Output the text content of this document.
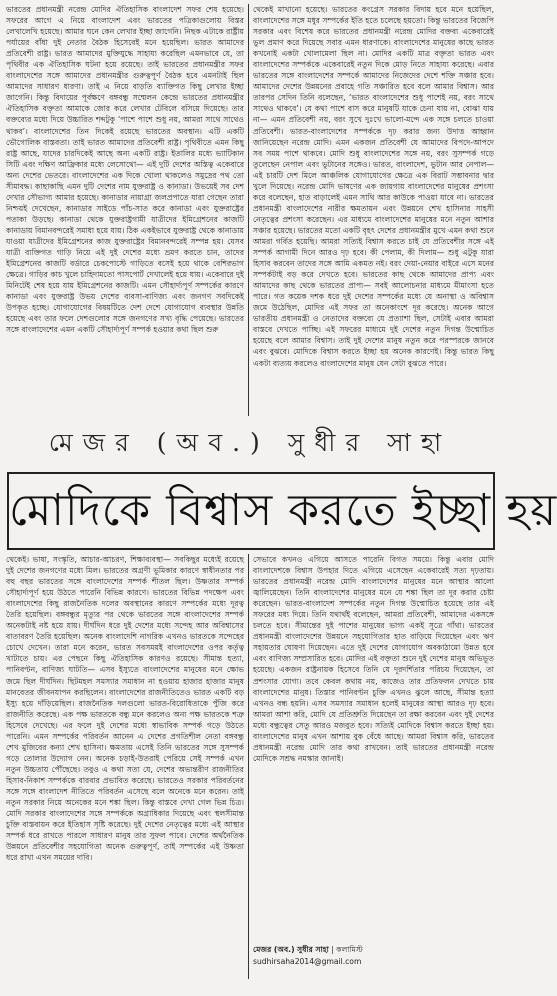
ভারতের প্রধানমন্ত্রী নরেন্দ্র মোদির ঐতিহাসিক বাংলাদেশ সফর শেষ হয়েছে। সফরের আগে এ নিয়ে বাংলাদেশ এবং ভারতের পত্রিকাগুলোয় বিস্তর লেখালেখি হয়েছে। আমার ঘনে কেন লেখার ইচ্ছা জাগেনি। নিছক এটাকে রাষ্ট্রীয় পর্যায়ের বাঁধা দুই নেতার বৈঠক হিসেবেই মনে হয়েছিল। ভারত আমাদের প্রতিবেশী রাষ্ট্র। ভারত আমাদের মুক্তিযুদ্ধে সাহায্য করেছিল এমনভাবে যে, তা পৃথিবীর এক ঐতিহাসিক ঘটনা হয়ে রয়েছে। তাই ভারতের প্রধানমন্ত্রীর সফর বাংলাদেশের সঙ্গে আমাদের প্রধানমন্ত্রীর গুরুত্বপূর্ণ বৈঠক হবে এমনটাই ছিল আমাদের সাধারণ ধারণা। তাই এ নিয়ে বাড়তি ব্যাক্তিগত কিছু লেখার ইচ্ছা জাগেনি। কিন্তু বিদায়ের পূর্বক্ষণে বঙ্গবন্ধু সম্মেলন কেন্দ্রে ভারতের প্রধানমন্ত্রীর ঐতিহাসিক বক্তৃতা আমাকে জোর করে লেখার টেবিলে বসিয়ে দিয়েছে। তার বক্তব্যের মধ্যে দিয়ে উচ্চারিত শব্দটুকু ‘পাশে পাশে শুধু নয়, আমরা সাথে সাথেও থাকব’। বাংলাদেশের তিন দিকেই রয়েছে ভারতের অবস্থান। এটি একটি ভৌগোলিক বাস্তবতা। তাই ভারত আমাদের প্রতিবেশী রাষ্ট্র। পৃথিবীতে এমন কিছু রাষ্ট্র আছে, যাদের চারদিকেই আছে অন্য একটি রাষ্ট্র। ইতালির মধ্যে ভ্যাটিকান সিটি এবং দক্ষিণ আফ্রিকার মধ্যে লেসোথো— এই দুটি দেশের অস্তিত্ব একেবারে অন্য দেশের ভেতরে। বাংলাদেশের এক দিকে খোলা থাকলেও সমুদ্রের পথ তো সীমাবদ্ধ। কাছাকাছি এমন দুটি দেশের নাম যুক্তরাষ্ট্র ও কানাডা। উভয়েই সব দেশ দেখার সৌভাগ্য আমার হয়েছে। কানাডার নায়াগ্রা জলপ্রপাতে যারা গেছেন তারা নিশ্চয়ই দেখেছেন, কানাডার সাইডে পাঁচ-সাত করে কানাডা এবং যুক্তরাষ্ট্রের পতাকা উড়ছে। কানাডা থেকে যুক্তরাষ্ট্রগামী যাত্রীদের ইমিগ্রেশনের কাজটি কানাডায় বিমানবন্দরেই সমাধা হয়ে যায়। ঠিক একইভাবে যুক্তরাষ্ট্র থেকে কানাডায় যাওয়া যাত্রীদের ইমিগ্রেশনের কাজ যুক্তরাষ্ট্রের বিমানবন্দরেই সম্পন্ন হয়। যেসব যাত্রী ব্যক্তিগত গাড়ি নিয়ে এই দুই দেশের মধ্যে ভ্রমণ করতে চান, তাদের ইমিগ্রেশনের কাজটি বর্ডারে চেকপোস্টে গাড়িতে বসেই হয়ে থাকে বেশিরভাগ ক্ষেত্রে। গাড়ির কাচ খুলে চাহিদামতো পাসপোর্ট দেখালেই হয়ে যায়। একেবারে দুই মিনিটেই শেষ হয়ে যায় ইমিগ্রেশনের কাজটি। এমন সৌহার্দ্যপূর্ণ সম্পর্কের কারণে কানাডা এবং যুক্তরাষ্ট্র উভয় দেশের ব্যবসা-বাণিজ্য এবং জনগণ সবদিকেই উপকৃত হচ্ছে। যোগাযোগের বিষয়টিতে দেশ দেশে যোগাযোগ ব্যবস্থার উন্নতি হয়েছে এবং তার ফলে দেশগুলোর সঙ্গে জনগণের সখ্য বৃদ্ধি পেয়েছে। ভারতের সঙ্গে বাংলাদেশের এমন একটি সৌহার্দ্যপূর্ণ সম্পর্ক হওয়ার কথা ছিল শুরু

থেকেই মাখানো হয়েছে। ভারতের কংগ্রেস সরকার বিদায় হবে মনে হয়েছিল, বাংলাদেশের সঙ্গে মধুর সম্পর্কের ইতি হতে চলেছে হয়তো। কিন্তু ভারতের বিজেপি সরকার এবং বিশেষ করে ভারতের প্রধানমন্ত্রী নরেন্দ্র মোদির বক্তব্য একেবারেই ভুল প্রমাণ করে দিয়েছে সবার এমন ধারণাকে। বাংলাদেশের মানুষের কাছে ভারত কখনোই একটা খোলামেলা ছিল না। মোদির একটি মাত্র বক্তৃতা ভারত এবং বাংলাদেশের সম্পর্ককে একেবারেই নতুন দিকে মোড় নিতে সাহায্য করেছে। এবার ভারতের সঙ্গে বাংলাদেশের সম্পর্কে আমাদের নিজেদের দেশে শক্তি সঞ্চার হবে। আমাদের দেশের উন্নয়নের প্রবাহে গতি সঞ্চারিত হবে বলে আমার বিশ্বাস। আর তারপর সেদিন তিনি বলেছেন, ‘ভারত বাংলাদেশের শুধু পাশেই নয়, বরং সাথে সাথেও থাকবে’। যে কথা পাশে বাস করে মানুষটি যাকে চেনা যায় না, বোঝা যায় না— এমন প্রতিবেশী নয়, বরং সুখে দুঃখে ভালো-মন্দে এক সঙ্গে চলতে চাওয়া প্রতিবেশী। ভারত-বাংলাদেশের সম্পর্ককে দৃঢ় করার জন্য উদাত্ত আহ্বান জানিয়েছেন নরেন্দ্র মোদি। এমন একজন প্রতিবেশী যে আমাদের বিপদে-আপদে সব সময় পাশে থাকবে। মোদি শুধু বাংলাদেশের সঙ্গে নয়, বরং সুসম্পর্ক গড়ে তুলেছেন নেপাল এবং ভুটানের সঙ্গেও। ভারত, বাংলাদেশ, ভুটান আর নেপাল— এই চারটি দেশ মিলে আঞ্চলিক যোগাযোগের ক্ষেত্রে এক বিরাট সম্ভাবনার দ্বার খুলে দিয়েছে। নরেন্দ্র মোদি ভাষণের এক জায়গায় বাংলাদেশের মানুষের প্রশংসা করে বলেছেন, হাত বাড়ালেই এমন সাথি আর কাউকে পাওয়া যাবে না। ভারতের প্রধানমন্ত্রী বাংলাদেশের নারীর ক্ষমতায়ন এবং উন্নয়নে শেখ হাসিনার সাহসী নেতৃত্বের প্রশংসা করেছেন। এর মাধ্যমে বাংলাদেশের মানুষের মনে নতুন আশার সঞ্চার হয়েছে। ভারতের মতো একটি বৃহৎ দেশের প্রধানমন্ত্রীর মুখে এমন কথা শুনে আমরা গর্বিত হয়েছি। আমরা সত্যিই বিশ্বাস করতে চাই যে প্রতিবেশীর সঙ্গে এই সম্পর্ক আগামী দিনে আরও দৃঢ় হবে। কী পেলাম, কী দিলাম— শুধু এটুকু যারা হিসাব করবেন তাদের সঙ্গে আমি একমত নই। বরং দেয়া-নেয়ার বাইরে এসে মনের সম্পর্কটাই বড় করে দেখতে হবে। ভারতের কাছ থেকে আমাদের প্রাপ্য এবং আমাদের কাছ থেকে ভারতের প্রাপ্য— সবই আলোচনার মাধ্যমে মীমাংসা হতে পারে। গত কয়েক দশক ধরে দুই দেশের সম্পর্কের মধ্যে যে অনাস্থা ও অবিশ্বাস জমে উঠেছিল, মোদির এই সফর তা অনেকাংশে দূর করেছে। অনেক আগে ভারতীয় প্রধানমন্ত্রী ও নেতাদের বক্তব্যে যে প্রত্যাশা ছিল, সেটাই এবার আমরা বাস্তবে দেখতে পাচ্ছি। এই সফরের মাধ্যমে দুই দেশের নতুন দিগন্ত উন্মোচিত হয়েছে বলে আমার বিশ্বাস। তাই দুই দেশের মানুষ নতুন করে পরস্পরকে জানবে এবং বুঝবে। মোদিকে বিশ্বাস করতে ইচ্ছা হয় অনেক কারণেই। কিন্তু ভারত কিছু একটা ব্যত্যয় করলেও বাংলাদেশের মানুষ যেন সেটা বুঝতে পারে।

মেজর (অব.) সুধীর সাহা
মোদিকে বিশ্বাস করতে ইচ্ছা হয়

থেকেই। ভাষা, সংস্কৃতি, আচার-আচরণ, শিক্ষাব্যবস্থা— সবকিছুর মধ্যেই রয়েছে দুই দেশের জনগণের মধ্যে মিল। ভারতের অগ্রণী ভূমিকার কারণে স্বাধীনতার পর বহু বছর ভারতের সঙ্গে বাংলাদেশের সম্পর্ক শীতল ছিল। উষ্ণতার সম্পর্ক সৌহার্দ্যপূর্ণ হয়ে উঠতে পারেনি বিভিন্ন কারণে। ভারতের বিভিন্ন পদক্ষেপ এবং বাংলাদেশের কিছু রাজনৈতিক দলের অবস্থানের কারণে সম্পর্কের মধ্যে দূরত্ব তৈরি হয়েছিল। বঙ্গবন্ধুর মৃত্যুর পর থেকে ভারতের সঙ্গে বাংলাদেশের সম্পর্ক অনেকটাই নষ্ট হয়ে যায়। দীর্ঘদিন ধরে দুই দেশের মধ্যে সন্দেহ আর অবিশ্বাসের বাতাবরণ তৈরি হয়েছিল। অনেক বাংলাদেশি নাগরিক এখনও ভারতকে সন্দেহের চোখে দেখেন। তারা মনে করেন, ভারত সবসময়ই বাংলাদেশের ওপর কর্তৃত্ব খাটাতে চায়। এর পেছনে কিছু ঐতিহাসিক কারণও রয়েছে। সীমান্ত হত্যা, পানিবণ্টন, বাণিজ্য ঘাটতি— এসব ইস্যুতে বাংলাদেশের মানুষের মনে ক্ষোভ জমে ছিল দীর্ঘদিন। ছিটমহল সমস্যার সমাধান না হওয়ায় হাজার হাজার মানুষ মানবেতর জীবনযাপন করছিলেন। বাংলাদেশের রাজনীতিতেও ভারত একটি বড় ইস্যু হয়ে দাঁড়িয়েছিল। রাজনৈতিক দলগুলো ভারত-বিরোধিতাকে পুঁজি করে রাজনীতি করেছে। এক পক্ষ ভারতকে বন্ধু মনে করলেও অন্য পক্ষ ভারতকে শত্রু হিসেবে দেখেছে। এর ফলে দুই দেশের মধ্যে স্বাভাবিক সম্পর্ক গড়ে উঠতে পারেনি। এমন সম্পর্কের পরিবর্তন আনেন এ দেশের প্রগতিশীল নেতা বঙ্গবন্ধু শেখ মুজিবের কন্যা শেখ হাসিনা। ক্ষমতায় এসেই তিনি ভারতের সঙ্গে সুসম্পর্ক গড়ে তোলার উদ্যোগ নেন। অনেক চড়াই-উতরাই পেরিয়ে সেই সম্পর্ক এখন নতুন উচ্চতায় পৌঁছেছে। তবুও এ কথা সত্য যে, দেশের অভ্যন্তরীণ রাজনীতির হিসাব-নিকাশ সম্পর্ককে বারবার প্রভাবিত করেছে। ভারতেও সরকার পরিবর্তনের সঙ্গে সঙ্গে বাংলাদেশ নীতিতে পরিবর্তন এসেছে বলে অনেকে মনে করেন। তাই নতুন সরকার নিয়ে অনেকের মনে শঙ্কা ছিল। কিন্তু বাস্তবে দেখা গেল ভিন্ন চিত্র। মোদি সরকার বাংলাদেশের সঙ্গে সম্পর্ককে অগ্রাধিকার দিয়েছে এবং স্থলসীমান্ত চুক্তি বাস্তবায়ন করে ইতিহাস সৃষ্টি করেছে। দুই দেশের নেতৃত্বের মধ্যে এই আস্থার সম্পর্ক ধরে রাখতে পারলে সাধারণ মানুষ তার সুফল পাবে। দেশের অর্থনৈতিক উন্নয়নে প্রতিবেশীর সহযোগিতা অনেক গুরুত্বপূর্ণ, তাই সম্পর্কের এই উষ্ণতা ধরে রাখা এখন সময়ের দাবি।

সেভাবে কখনও এগিয়ে আসতে পারেনি বিগত সময়ে। কিন্তু এবার মোদি বাংলাদেশকে বিশ্বাস উপহার দিতে এগিয়ে এসেছেন একেবারেই সত্য দৃঢ়তায়। ভারতের প্রধানমন্ত্রী নরেন্দ্র মোদি বাংলাদেশের মানুষের মনে আস্থার আলো জ্বালিয়েছেন। তিনি বাংলাদেশের মানুষের মনে যে শঙ্কা ছিল তা দূর করার চেষ্টা করেছেন। ভারত-বাংলাদেশ সম্পর্কের নতুন দিগন্ত উন্মোচিত হয়েছে তার এই সফরের মধ্য দিয়ে। তিনি যথার্থই বলেছেন, আমরা প্রতিবেশী, আমাদের একসঙ্গে চলতে হবে। সীমান্তের দুই পাশের মানুষের ভাগ্য একই সূত্রে গাঁথা। ভারতের প্রধানমন্ত্রী বাংলাদেশের উন্নয়নে সহযোগিতার হাত বাড়িয়ে দিয়েছেন এবং ঋণ সহায়তার ঘোষণা দিয়েছেন। এতে দুই দেশের যোগাযোগ অবকাঠামো উন্নত হবে এবং বাণিজ্য সম্প্রসারিত হবে। মোদির এই বক্তৃতা শুনে দুই দেশের মানুষ অভিভূত হয়েছে। একজন রাষ্ট্রনায়ক হিসেবে তিনি যে দূরদর্শিতার পরিচয় দিয়েছেন, তা প্রশংসার যোগ্য। তবে কেবল কথায় নয়, কাজেও তার প্রতিফলন দেখতে চায় বাংলাদেশের মানুষ। তিস্তার পানিবণ্টন চুক্তি এখনও ঝুলে আছে, সীমান্ত হত্যা এখনও বন্ধ হয়নি। এসব সমস্যার সমাধান হলেই মানুষের আস্থা আরও দৃঢ় হবে। আমরা আশা করি, মোদি যে প্রতিশ্রুতি দিয়েছেন তা রক্ষা করবেন এবং দুই দেশের মধ্যে বন্ধুত্বের সেতু আরও মজবুত হবে। সত্যিই মোদিকে বিশ্বাস করতে ইচ্ছা হয়। বাংলাদেশের মানুষ এখন আশায় বুক বেঁধে আছে। আমরা বিশ্বাস করি, ভারতের প্রধানমন্ত্রী নরেন্দ্র মোদি তার কথা রাখবেন। তাই ভারতের প্রধানমন্ত্রী নরেন্দ্র মোদিকে সশ্রদ্ধ নমস্কার জানাই।

মেজর (অব.) সুধীর সাহা | কলামিস্ট
sudhirsaha2014@gmail.com
